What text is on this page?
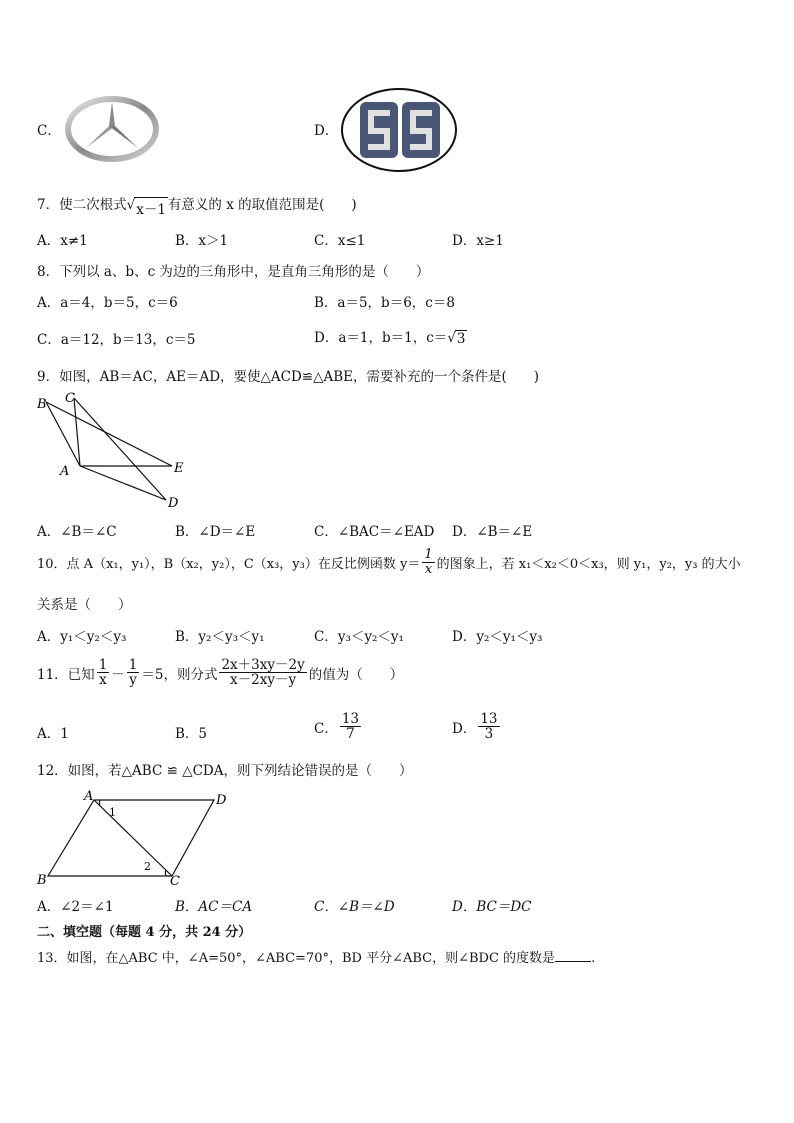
C．	D．
7．使二次根式 √ x－1 有意义的 x 的取值范围是(　　)
A．x≠1	B．x＞1	C．x≤1	D．x≥1
8．下列以 a、b、c 为边的三角形中，是直角三角形的是（　　）
A．a＝4，b＝5，c＝6	B．a＝5，b＝6，c＝8
C．a＝12，b＝13，c＝5	D．a＝1，b＝1，c＝ √ 3
9．如图，AB＝AC，AE＝AD，要使△ACD≌△ABE，需要补充的一个条件是(　　)
B C
A	E
D
A．∠B＝∠C	B．∠D＝∠E	C．∠BAC＝∠EAD D．∠B＝∠E
10．点 A（x₁，y₁），B（x₂，y₂），C（x₃，y₃）在反比例函数 $y= \frac{1}{x}$ 的图象上，若 x₁＜x₂＜0＜x₃，则 y₁，y₂，y₃ 的大小
关系是（　　）
A．y₁＜y₂＜y₃	B．y₂＜y₃＜y₁	C．y₃＜y₂＜y₁	D．y₂＜y₁＜y₃
11．已知 $\frac{1}{x} - \frac{1}{y} =5$，则分式 $\frac{2x+3xy-2y}{x-2xy-y}$ 的值为（　　）
A．1	B．5	C． $\frac{13}{7}$	D． $\frac{13}{3}$
12．如图，若△ABC ≌ △CDA，则下列结论错误的是（　　）
A	D
B	C
1
2
A．∠2＝∠1	B．AC＝CA	C．∠B＝∠D	D．BC＝DC
二、填空题（每题 4 分，共 24 分）
13．如图，在△ABC 中，∠A=50°，∠ABC=70°，BD 平分∠ABC，则∠BDC 的度数是	.
